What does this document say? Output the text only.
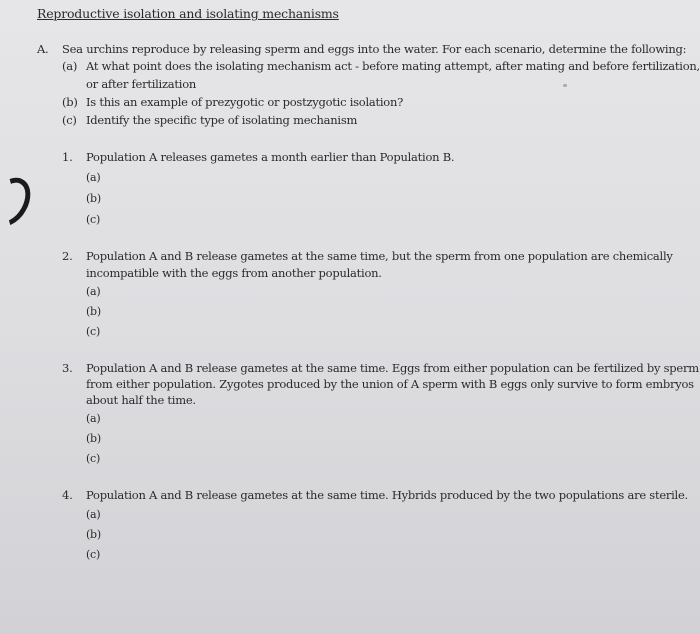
Reproductive isolation and isolating mechanisms
A. Sea urchins reproduce by releasing sperm and eggs into the water. For each scenario, determine the following:
(a) At what point does the isolating mechanism act - before mating attempt, after mating and before fertilization,
or after fertilization
(b) Is this an example of prezygotic or postzygotic isolation?
(c) Identify the specific type of isolating mechanism
1. Population A releases gametes a month earlier than Population B.
(a)
(b)
(c)
2. Population A and B release gametes at the same time, but the sperm from one population are chemically
incompatible with the eggs from another population.
(a)
(b)
(c)
3. Population A and B release gametes at the same time. Eggs from either population can be fertilized by sperm
from either population. Zygotes produced by the union of A sperm with B eggs only survive to form embryos
about half the time.
(a)
(b)
(c)
4. Population A and B release gametes at the same time. Hybrids produced by the two populations are sterile.
(a)
(b)
(c)
